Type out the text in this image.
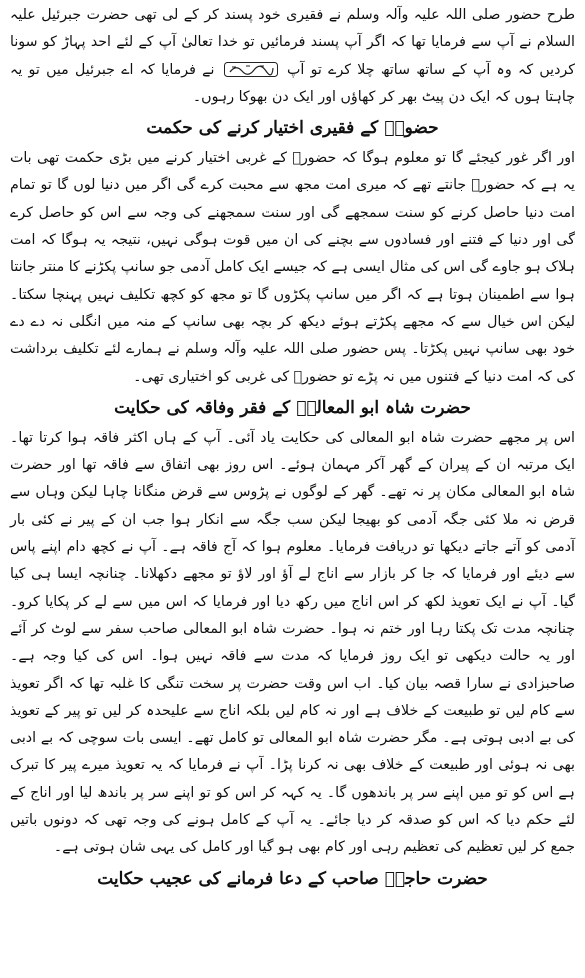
طرح حضور صلی اللہ علیہ وآلہ وسلم نے فقیری خود پسند کر کے لی تھی حضرت جبرئیل علیہ السلام نے آپ سے فرمایا تھا کہ اگر آپ پسند فرمائیں تو خدا تعالیٰ آپ کے لئے احد پہاڑ کو سونا کردیں کہ وہ آپ کے ساتھ ساتھ چلا کرے تو آپ  نے فرمایا کہ اے جبرئیل میں تو یہ چاہتا ہوں کہ ایک دن پیٹ بھر کر کھاؤں اور ایک دن بھوکا رہوں۔

حضورؐ کے فقیری اختیار کرنے کی حکمت

اور اگر غور کیجئے گا تو معلوم ہوگا کہ حضورؐ کے غربی اختیار کرنے میں بڑی حکمت تھی بات یہ ہے کہ حضورؐ جانتے تھے کہ میری امت مجھ سے محبت کرے گی اگر میں دنیا لوں گا تو تمام امت دنیا حاصل کرنے کو سنت سمجھے گی اور سنت سمجھنے کی وجہ سے اس کو حاصل کرے گی اور دنیا کے فتنے اور فسادوں سے بچنے کی ان میں قوت ہوگی نہیں، نتیجہ یہ ہوگا کہ امت ہلاک ہو جاوے گی اس کی مثال ایسی ہے کہ جیسے ایک کامل آدمی جو سانپ پکڑنے کا منتر جانتا ہوا سے اطمینان ہوتا ہے کہ اگر میں سانپ پکڑوں گا تو مجھ کو کچھ تکلیف نہیں پہنچا سکتا۔ لیکن اس خیال سے کہ مجھے پکڑتے ہوئے دیکھ کر بچہ بھی سانپ کے منہ میں انگلی نہ دے دے خود بھی سانپ نہیں پکڑتا۔ پس حضور صلی اللہ علیہ وآلہ وسلم نے ہمارے لئے تکلیف برداشت کی کہ امت دنیا کے فتنوں میں نہ پڑے تو حضورؐ کی غربی کو اختیاری تھی۔

حضرت شاہ ابو المعالیؒ کے فقر وفاقہ کی حکایت

اس پر مجھے حضرت شاہ ابو المعالی کی حکایت یاد آئی۔ آپ کے ہاں اکثر فاقہ ہوا کرتا تھا۔ ایک مرتبہ ان کے پیران کے گھر آکر مہمان ہوئے۔ اس روز بھی اتفاق سے فاقہ تھا اور حضرت شاہ ابو المعالی مکان پر نہ تھے۔ گھر کے لوگوں نے پڑوس سے قرض منگانا چاہا لیکن وہاں سے قرض نہ ملا کئی جگہ آدمی کو بھیجا لیکن سب جگہ سے انکار ہوا جب ان کے پیر نے کئی بار آدمی کو آتے جاتے دیکھا تو دریافت فرمایا۔ معلوم ہوا کہ آج فاقہ ہے۔ آپ نے کچھ دام اپنے پاس سے دیئے اور فرمایا کہ جا کر بازار سے اناج لے آؤ اور لاؤ تو مجھے دکھلانا۔ چنانچہ ایسا ہی کیا گیا۔ آپ نے ایک تعویذ لکھ کر اس اناج میں رکھ دیا اور فرمایا کہ اس میں سے لے کر پکایا کرو۔ چنانچہ مدت تک پکتا رہا اور ختم نہ ہوا۔ حضرت شاہ ابو المعالی صاحب سفر سے لوٹ کر آئے اور یہ حالت دیکھی تو ایک روز فرمایا کہ مدت سے فاقہ نہیں ہوا۔ اس کی کیا وجہ ہے۔ صاحبزادی نے سارا قصہ بیان کیا۔ اب اس وقت حضرت پر سخت تنگی کا غلبہ تھا کہ اگر تعویذ سے کام لیں تو طبیعت کے خلاف ہے اور نہ کام لیں بلکہ اناج سے علیحدہ کر لیں تو پیر کے تعویذ کی بے ادبی ہوتی ہے۔ مگر حضرت شاہ ابو المعالی تو کامل تھے۔ ایسی بات سوچی کہ بے ادبی بھی نہ ہوئی اور طبیعت کے خلاف بھی نہ کرنا پڑا۔ آپ نے فرمایا کہ یہ تعویذ میرے پیر کا تبرک ہے اس کو تو میں اپنے سر پر باندھوں گا۔ یہ کہہ کر اس کو تو اپنے سر پر باندھ لیا اور اناج کے لئے حکم دیا کہ اس کو صدقہ کر دیا جائے۔ یہ آپ کے کامل ہونے کی وجہ تھی کہ دونوں باتیں جمع کر لیں تعظیم کی تعظیم رہی اور کام بھی ہو گیا اور کامل کی یہی شان ہوتی ہے۔

حضرت حاجیؒ صاحب کے دعا فرمانے کی عجیب حکایت
